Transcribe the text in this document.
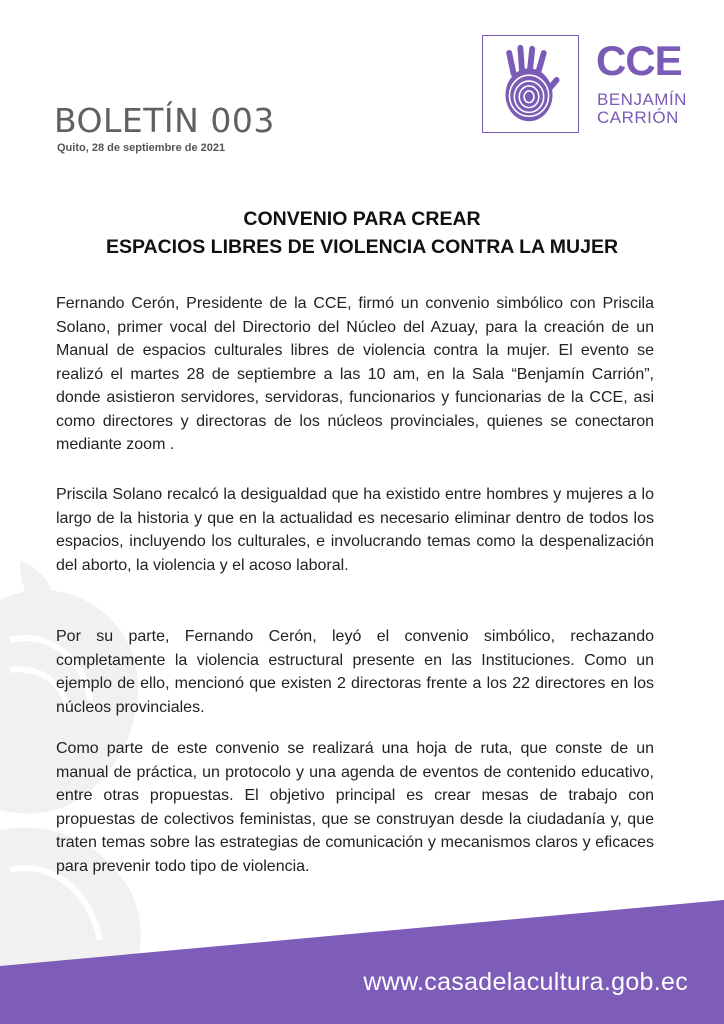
BOLETÍN 003
Quito, 28 de septiembre de 2021
CCE
BENJAMÍN
CARRIÓN
CONVENIO PARA CREAR
ESPACIOS LIBRES DE VIOLENCIA CONTRA LA MUJER
Fernando Cerón, Presidente de la CCE, firmó un convenio simbólico con Priscila Solano, primer vocal del Directorio del Núcleo del Azuay, para la creación de un Manual de espacios culturales libres de violencia contra la mujer. El evento se realizó el martes 28 de septiembre a las 10 am, en la Sala “Benjamín Carrión”, donde asistieron servidores, servidoras, funcionarios y funcionarias de la CCE, asi como directores y directoras de los núcleos provinciales, quienes se conectaron mediante zoom .
Priscila Solano recalcó la desigualdad que ha existido entre hombres y mujeres a lo largo de la historia y que en la actualidad es necesario eliminar dentro de todos los espacios, incluyendo los culturales, e involucrando temas como la despenalización del aborto, la violencia y el acoso laboral.
Por su parte, Fernando Cerón, leyó el convenio simbólico, rechazando completamente la violencia estructural presente en las Instituciones. Como un ejemplo de ello, mencionó que existen 2 directoras frente a los 22 directores en los núcleos provinciales.
Como parte de este convenio se realizará una hoja de ruta, que conste de un manual de práctica, un protocolo y una agenda de eventos de contenido educativo, entre otras propuestas. El objetivo principal es crear mesas de trabajo con propuestas de colectivos feministas, que se construyan desde la ciudadanía y, que traten temas sobre las estrategias de comunicación y mecanismos claros y eficaces para prevenir todo tipo de violencia.
www.casadelacultura.gob.ec
